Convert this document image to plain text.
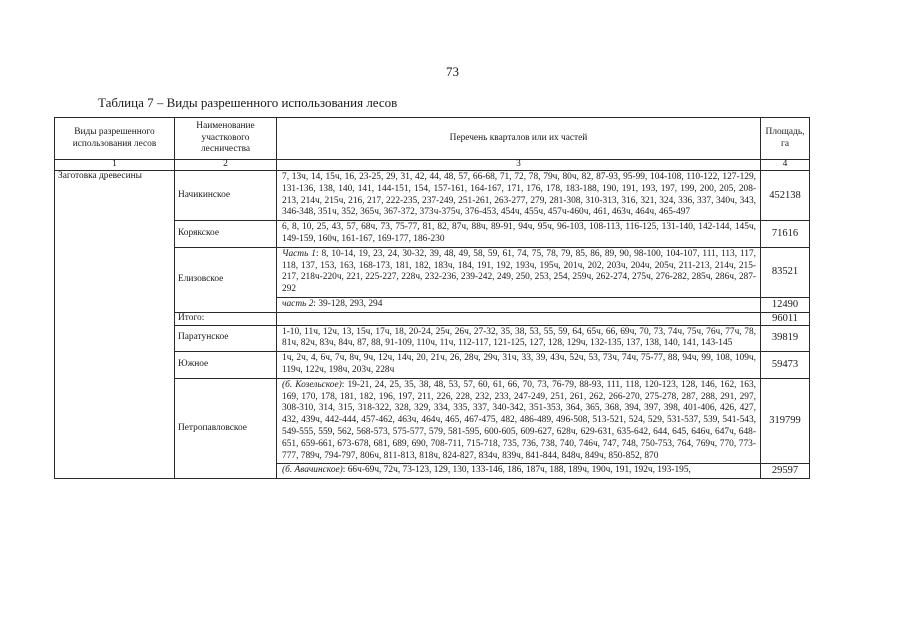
73
Таблица 7 – Виды разрешенного использования лесов
Виды разрешенного использования лесов	Наименование участкового лесничества	Перечень кварталов или их частей	Площадь, га
1	2	3	4
Заготовка древесины	Начикинское	7, 13ч, 14, 15ч, 16, 23-25, 29, 31, 42, 44, 48, 57, 66-68, 71, 72, 78, 79ч, 80ч, 82, 87-93, 95-99, 104-108, 110-122, 127-129, 131-136, 138, 140, 141, 144-151, 154, 157-161, 164-167, 171, 176, 178, 183-188, 190, 191, 193, 197, 199, 200, 205, 208-213, 214ч, 215ч, 216, 217, 222-235, 237-249, 251-261, 263-277, 279, 281-308, 310-313, 316, 321, 324, 336, 337, 340ч, 343, 346-348, 351ч, 352, 365ч, 367-372, 373ч-375ч, 376-453, 454ч, 455ч, 457ч-460ч, 461, 463ч, 464ч, 465-497	452138
	Корякское	6, 8, 10, 25, 43, 57, 68ч, 73, 75-77, 81, 82, 87ч, 88ч, 89-91, 94ч, 95ч, 96-103, 108-113, 116-125, 131-140, 142-144, 145ч, 149-159, 160ч, 161-167, 169-177, 186-230	71616
	Елизовское	Часть 1: 8, 10-14, 19, 23, 24, 30-32, 39, 48, 49, 58, 59, 61, 74, 75, 78, 79, 85, 86, 89, 90, 98-100, 104-107, 111, 113, 117, 118, 137, 153, 163, 168-173, 181, 182, 183ч, 184, 191, 192, 193ч, 195ч, 201ч, 202, 203ч, 204ч, 205ч, 211-213, 214ч, 215-217, 218ч-220ч, 221, 225-227, 228ч, 232-236, 239-242, 249, 250, 253, 254, 259ч, 262-274, 275ч, 276-282, 285ч, 286ч, 287-292	83521
		часть 2: 39-128, 293, 294	12490
	Итого:		96011
	Паратунское	1-10, 11ч, 12ч, 13, 15ч, 17ч, 18, 20-24, 25ч, 26ч, 27-32, 35, 38, 53, 55, 59, 64, 65ч, 66, 69ч, 70, 73, 74ч, 75ч, 76ч, 77ч, 78, 81ч, 82ч, 83ч, 84ч, 87, 88, 91-109, 110ч, 11ч, 112-117, 121-125, 127, 128, 129ч, 132-135, 137, 138, 140, 141, 143-145	39819
	Южное	1ч, 2ч, 4, 6ч, 7ч, 8ч, 9ч, 12ч, 14ч, 20, 21ч, 26, 28ч, 29ч, 31ч, 33, 39, 43ч, 52ч, 53, 73ч, 74ч, 75-77, 88, 94ч, 99, 108, 109ч, 119ч, 122ч, 198ч, 203ч, 228ч	59473
	Петропавловское	(б. Козельское): 19-21, 24, 25, 35, 38, 48, 53, 57, 60, 61, 66, 70, 73, 76-79, 88-93, 111, 118, 120-123, 128, 146, 162, 163, 169, 170, 178, 181, 182, 196, 197, 211, 226, 228, 232, 233, 247-249, 251, 261, 262, 266-270, 275-278, 287, 288, 291, 297, 308-310, 314, 315, 318-322, 328, 329, 334, 335, 337, 340-342, 351-353, 364, 365, 368, 394, 397, 398, 401-406, 426, 427, 432, 439ч, 442-444, 457-462, 463ч, 464ч, 465, 467-475, 482, 486-489, 496-508, 513-521, 524, 529, 531-537, 539, 541-543, 549-555, 559, 562, 568-573, 575-577, 579, 581-595, 600-605, 609-627, 628ч, 629-631, 635-642, 644, 645, 646ч, 647ч, 648-651, 659-661, 673-678, 681, 689, 690, 708-711, 715-718, 735, 736, 738, 740, 746ч, 747, 748, 750-753, 764, 769ч, 770, 773-777, 789ч, 794-797, 806ч, 811-813, 818ч, 824-827, 834ч, 839ч, 841-844, 848ч, 849ч, 850-852, 870	319799
		(б. Авачинское): 66ч-69ч, 72ч, 73-123, 129, 130, 133-146, 186, 187ч, 188, 189ч, 190ч, 191, 192ч, 193-195,	29597
